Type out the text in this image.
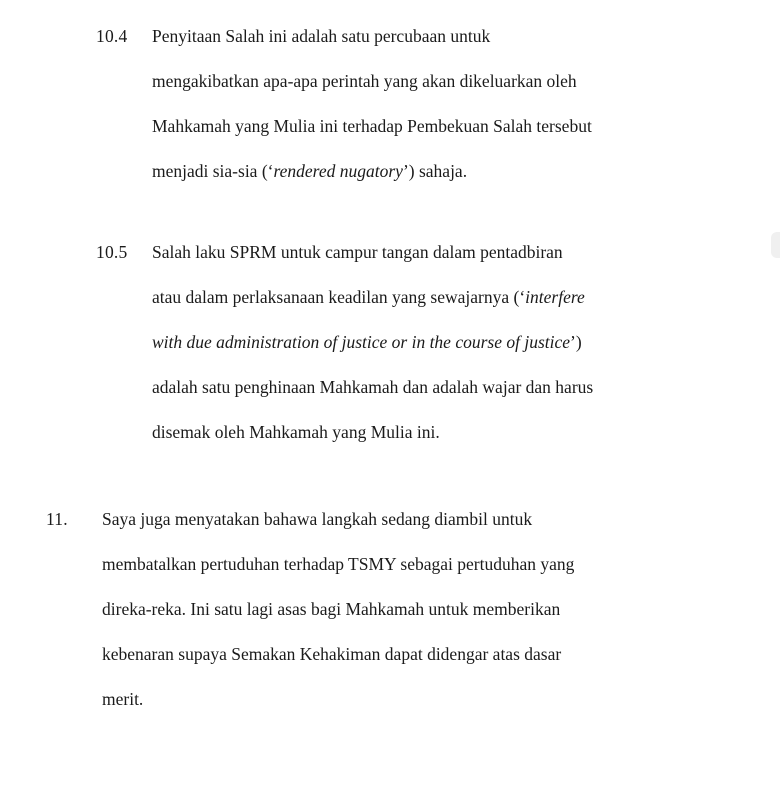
10.4	Penyitaan Salah ini adalah satu percubaan untuk
mengakibatkan apa-apa perintah yang akan dikeluarkan oleh
Mahkamah yang Mulia ini terhadap Pembekuan Salah tersebut
menjadi sia-sia (‘rendered nugatory’) sahaja.
10.5	Salah laku SPRM untuk campur tangan dalam pentadbiran
atau dalam perlaksanaan keadilan yang sewajarnya (‘interfere
with due administration of justice or in the course of justice’)
adalah satu penghinaan Mahkamah dan adalah wajar dan harus
disemak oleh Mahkamah yang Mulia ini.
11.	Saya juga menyatakan bahawa langkah sedang diambil untuk
membatalkan pertuduhan terhadap TSMY sebagai pertuduhan yang
direka-reka. Ini satu lagi asas bagi Mahkamah untuk memberikan
kebenaran supaya Semakan Kehakiman dapat didengar atas dasar
merit.
